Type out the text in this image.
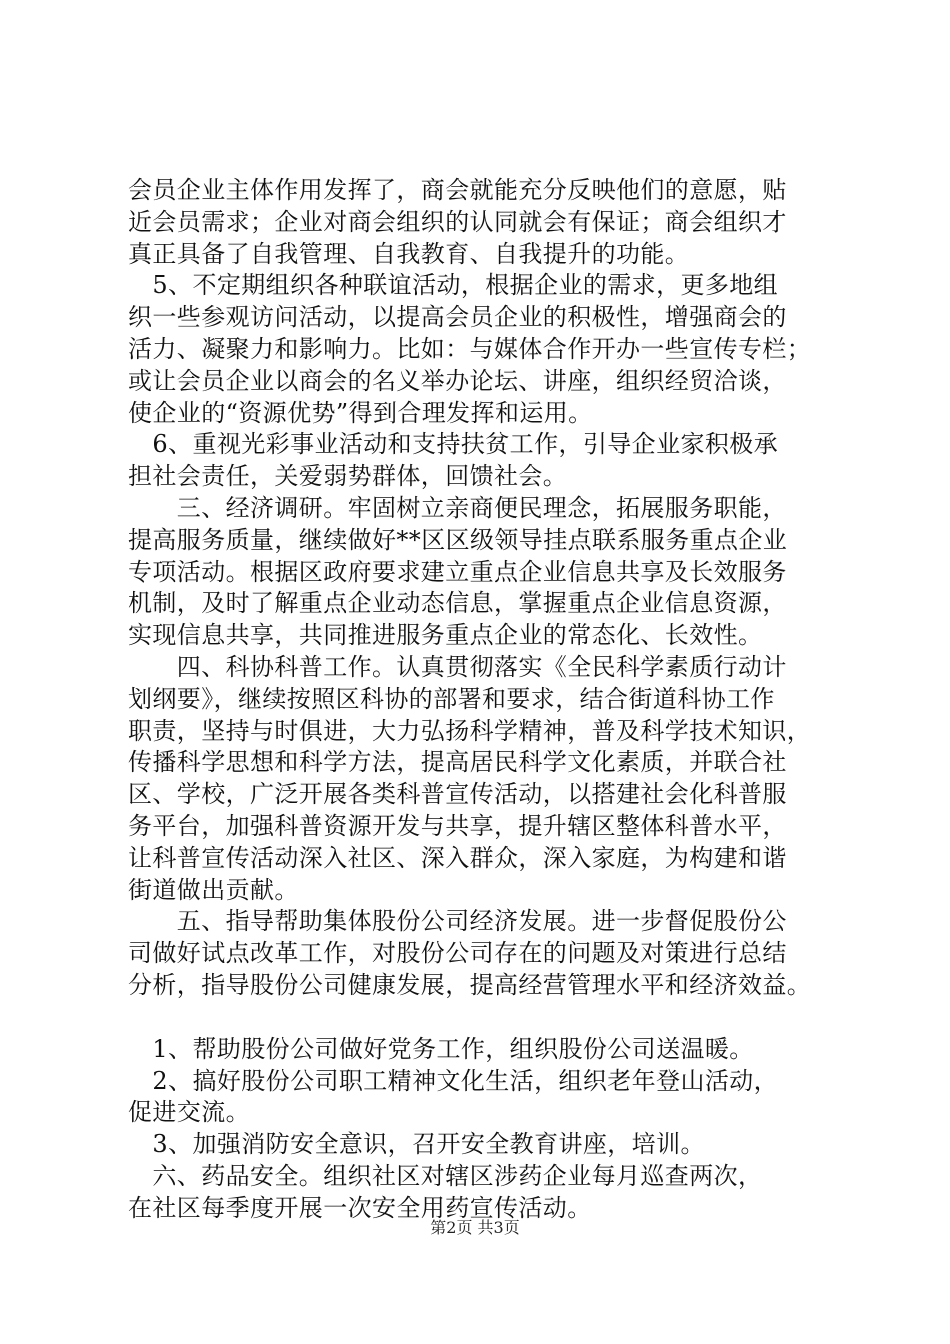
会员企业主体作用发挥了，商会就能充分反映他们的意愿，贴
近会员需求；企业对商会组织的认同就会有保证；商会组织才
真正具备了自我管理、自我教育、自我提升的功能。
　5、不定期组织各种联谊活动，根据企业的需求，更多地组
织一些参观访问活动，以提高会员企业的积极性，增强商会的
活力、凝聚力和影响力。比如：与媒体合作开办一些宣传专栏；
或让会员企业以商会的名义举办论坛、讲座，组织经贸洽谈，
使企业的“资源优势”得到合理发挥和运用。
　6、重视光彩事业活动和支持扶贫工作，引导企业家积极承
担社会责任，关爱弱势群体，回馈社会。
　　三、经济调研。牢固树立亲商便民理念，拓展服务职能，
提高服务质量，继续做好**区区级领导挂点联系服务重点企业
专项活动。根据区政府要求建立重点企业信息共享及长效服务
机制，及时了解重点企业动态信息，掌握重点企业信息资源，
实现信息共享，共同推进服务重点企业的常态化、长效性。
　　四、科协科普工作。认真贯彻落实《全民科学素质行动计
划纲要》，继续按照区科协的部署和要求，结合街道科协工作
职责，坚持与时俱进，大力弘扬科学精神，普及科学技术知识，
传播科学思想和科学方法，提高居民科学文化素质，并联合社
区、学校，广泛开展各类科普宣传活动，以搭建社会化科普服
务平台，加强科普资源开发与共享，提升辖区整体科普水平，
让科普宣传活动深入社区、深入群众，深入家庭，为构建和谐
街道做出贡献。
　　五、指导帮助集体股份公司经济发展。进一步督促股份公
司做好试点改革工作，对股份公司存在的问题及对策进行总结
分析，指导股份公司健康发展，提高经营管理水平和经济效益。
　1、帮助股份公司做好党务工作，组织股份公司送温暖。
　2、搞好股份公司职工精神文化生活，组织老年登山活动，
促进交流。
　3、加强消防安全意识，召开安全教育讲座，培训。
　六、药品安全。组织社区对辖区涉药企业每月巡查两次，
在社区每季度开展一次安全用药宣传活动。
第2页 共3页
